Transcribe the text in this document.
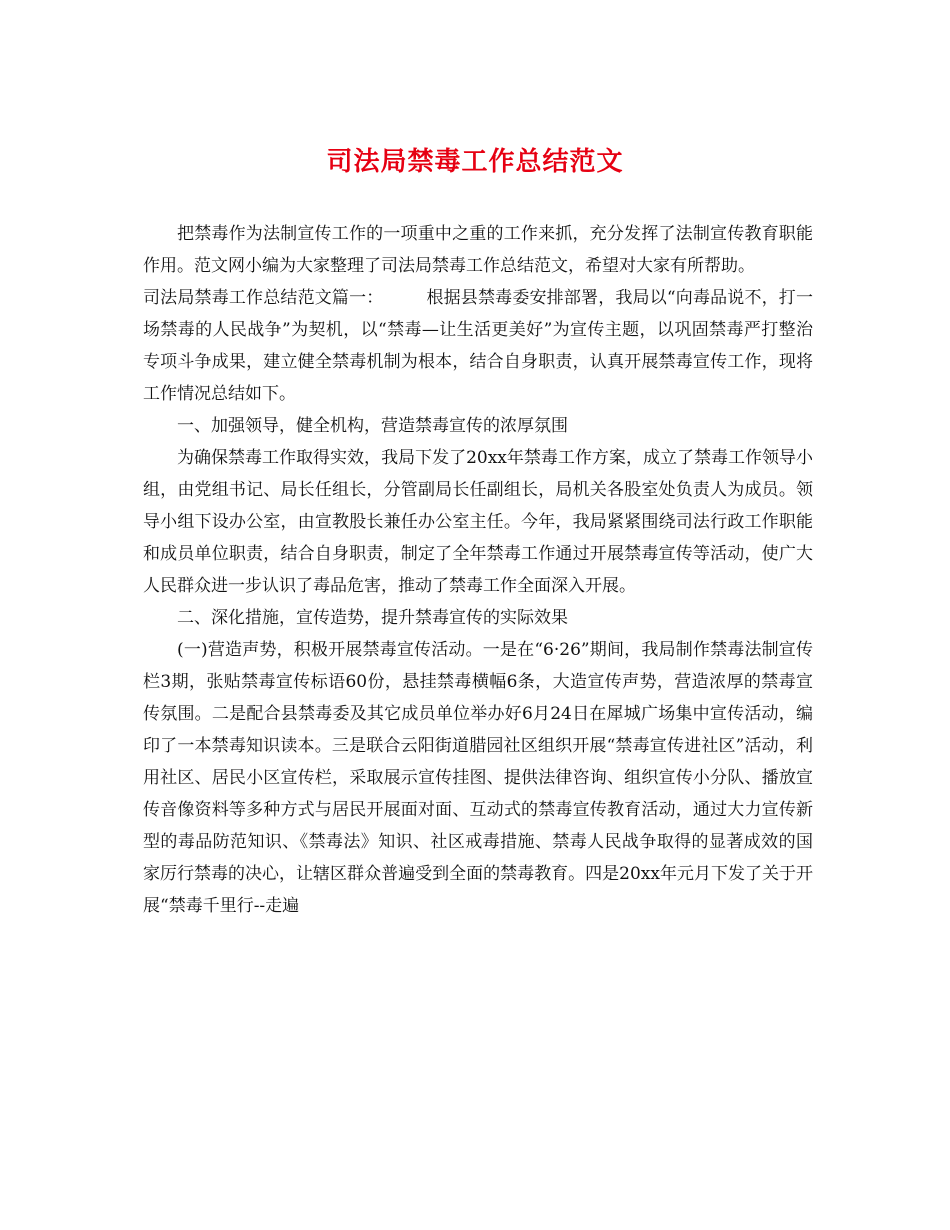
司法局禁毒工作总结范文

把禁毒作为法制宣传工作的一项重中之重的工作来抓，充分发挥了法制宣传教育职能作用。范文网小编为大家整理了司法局禁毒工作总结范文，希望对大家有所帮助。

司法局禁毒工作总结范文篇一：　　　根据县禁毒委安排部署，我局以“向毒品说不，打一场禁毒的人民战争”为契机，以“禁毒—让生活更美好”为宣传主题，以巩固禁毒严打整治专项斗争成果，建立健全禁毒机制为根本，结合自身职责，认真开展禁毒宣传工作，现将工作情况总结如下。

一、加强领导，健全机构，营造禁毒宣传的浓厚氛围

为确保禁毒工作取得实效，我局下发了20xx年禁毒工作方案，成立了禁毒工作领导小组，由党组书记、局长任组长，分管副局长任副组长，局机关各股室处负责人为成员。领导小组下设办公室，由宣教股长兼任办公室主任。今年，我局紧紧围绕司法行政工作职能和成员单位职责，结合自身职责，制定了全年禁毒工作通过开展禁毒宣传等活动，使广大人民群众进一步认识了毒品危害，推动了禁毒工作全面深入开展。

二、深化措施，宣传造势，提升禁毒宣传的实际效果

(一)营造声势，积极开展禁毒宣传活动。一是在“6·26”期间，我局制作禁毒法制宣传栏3期，张贴禁毒宣传标语60份，悬挂禁毒横幅6条，大造宣传声势，营造浓厚的禁毒宣传氛围。二是配合县禁毒委及其它成员单位举办好6月24日在犀城广场集中宣传活动，编印了一本禁毒知识读本。三是联合云阳街道腊园社区组织开展“禁毒宣传进社区”活动，利用社区、居民小区宣传栏，采取展示宣传挂图、提供法律咨询、组织宣传小分队、播放宣传音像资料等多种方式与居民开展面对面、互动式的禁毒宣传教育活动，通过大力宣传新型的毒品防范知识、《禁毒法》知识、社区戒毒措施、禁毒人民战争取得的显著成效的国家厉行禁毒的决心，让辖区群众普遍受到全面的禁毒教育。四是20xx年元月下发了关于开展“禁毒千里行--走遍
